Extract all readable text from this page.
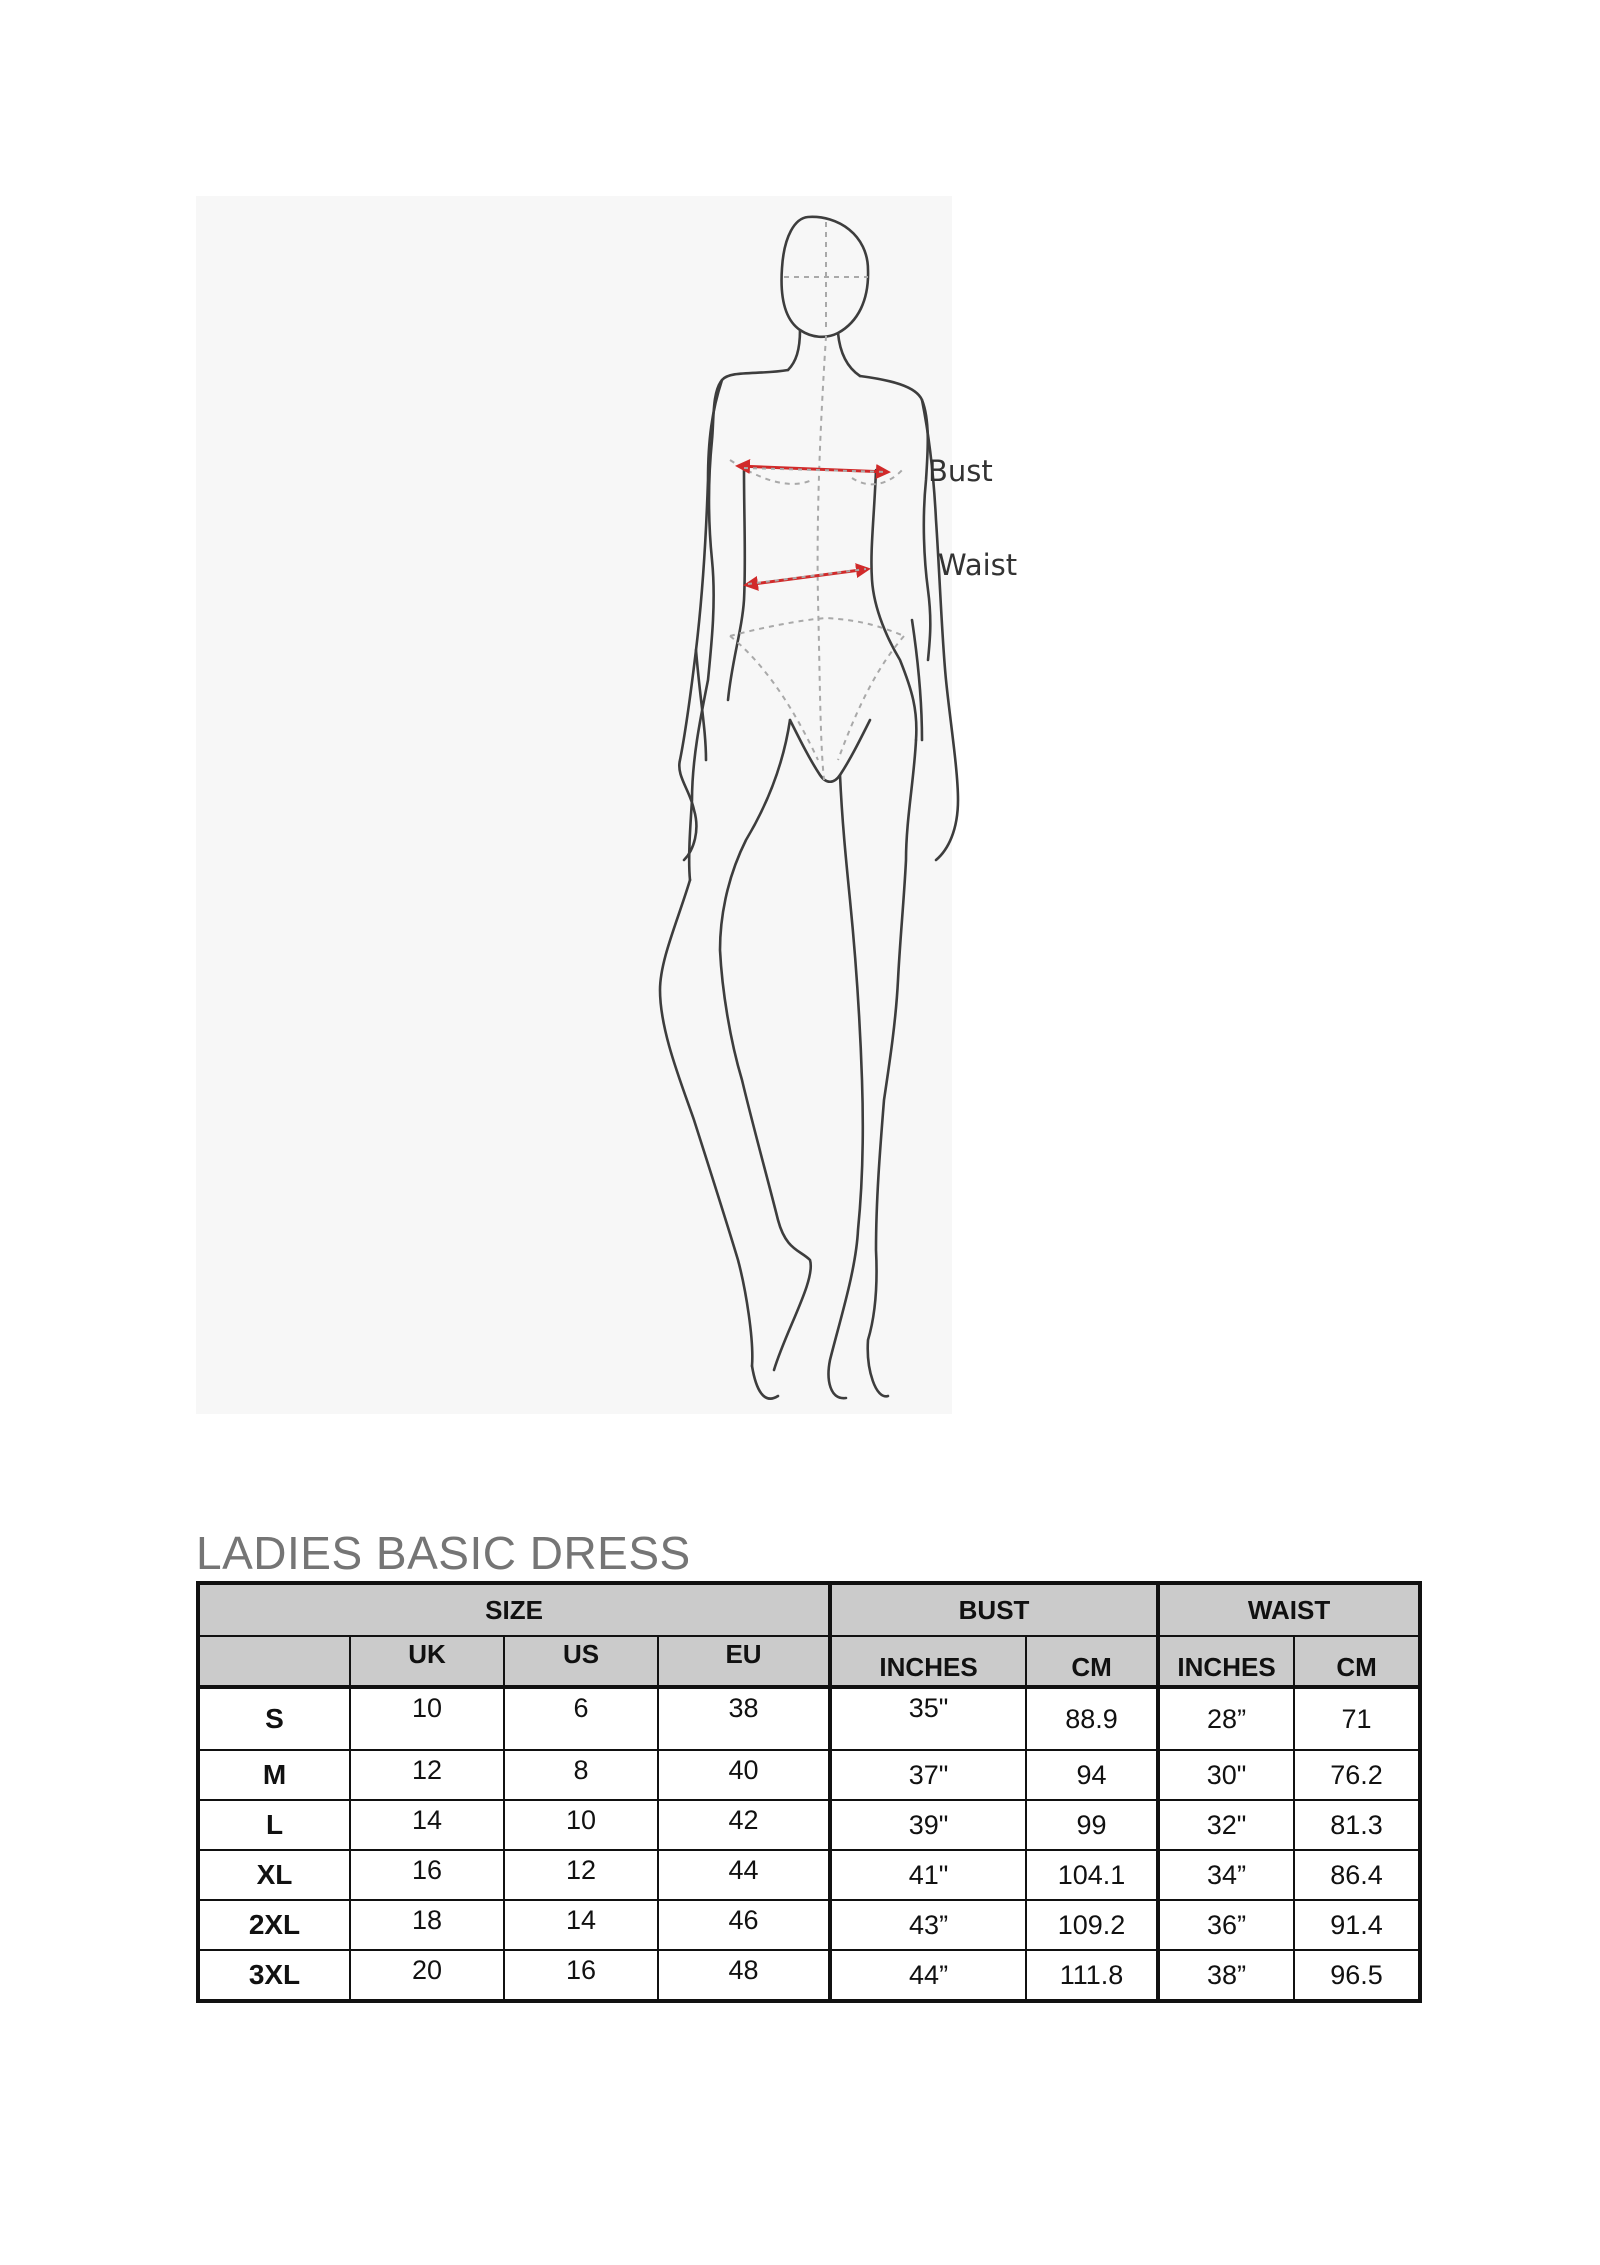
Bust
Waist
LADIES BASIC DRESS
SIZE				BUST		WAIST	
	UK	US	EU	INCHES	CM	INCHES	CM
S	10	6	38	35"	88.9	28”	71
M	12	8	40	37"	94	30"	76.2
L	14	10	42	39"	99	32"	81.3
XL	16	12	44	41"	104.1	34”	86.4
2XL	18	14	46	43”	109.2	36”	91.4
3XL	20	16	48	44”	111.8	38”	96.5
